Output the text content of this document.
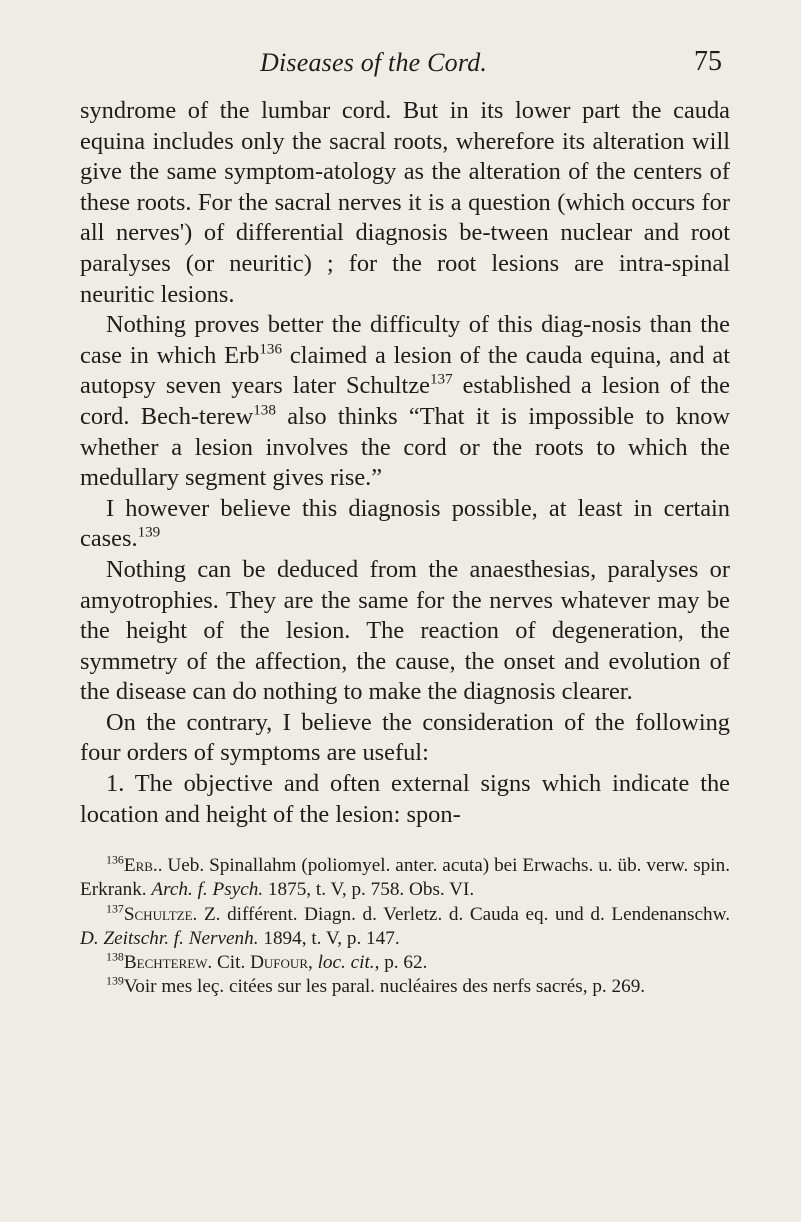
Diseases of the Cord.	75

syndrome of the lumbar cord. But in its lower part the cauda equina includes only the sacral roots, wherefore its alteration will give the same symptom-atology as the alteration of the centers of these roots. For the sacral nerves it is a question (which occurs for all nerves') of differential diagnosis be-tween nuclear and root paralyses (or neuritic) ; for the root lesions are intra-spinal neuritic lesions.

Nothing proves better the difficulty of this diag-nosis than the case in which Erb$^{136}$ claimed a lesion of the cauda equina, and at autopsy seven years later Schultze$^{137}$ established a lesion of the cord. Bech-terew$^{138}$ also thinks “That it is impossible to know whether a lesion involves the cord or the roots to which the medullary segment gives rise.”

I however believe this diagnosis possible, at least in certain cases.$^{139}$

Nothing can be deduced from the anaesthesias, paralyses or amyotrophies. They are the same for the nerves whatever may be the height of the lesion. The reaction of degeneration, the symmetry of the affection, the cause, the onset and evolution of the disease can do nothing to make the diagnosis clearer.

On the contrary, I believe the consideration of the following four orders of symptoms are useful:

1. The objective and often external signs which indicate the location and height of the lesion: spon-

$^{136}$Erb.. Ueb. Spinallahm (poliomyel. anter. acuta) bei Erwachs. u. üb. verw. spin. Erkrank. Arch. f. Psych. 1875, t. V, p. 758. Obs. VI.

$^{137}$Schultze. Z. différent. Diagn. d. Verletz. d. Cauda eq. und d. Lendenanschw. D. Zeitschr. f. Nervenh. 1894, t. V, p. 147.

$^{138}$Bechterew. Cit. Dufour, loc. cit., p. 62.

$^{139}$Voir mes leç. citées sur les paral. nucléaires des nerfs sacrés, p. 269.
